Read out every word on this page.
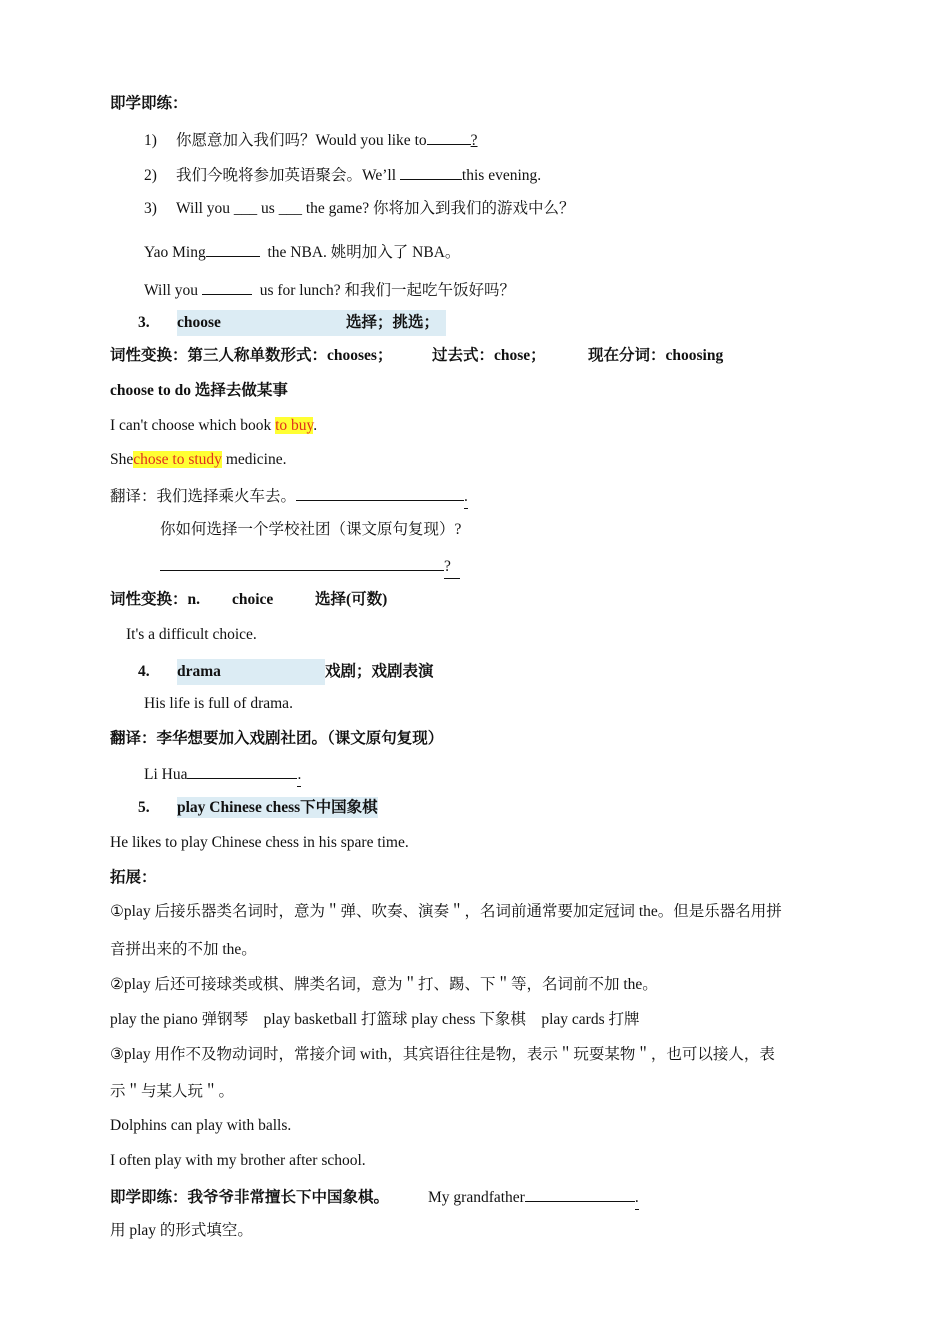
即学即练：
1) 你愿意加入我们吗？Would you like to	?
2) 我们今晚将参加英语聚会。We’ll	this evening.
3) Will you ___ us ___ the game? 你将加入到我们的游戏中么？
Yao Ming	the NBA. 姚明加入了 NBA。
Will you	us for lunch? 和我们一起吃午饭好吗？
3. choose	选择；挑选；
词性变换：第三人称单数形式：chooses；	过去式：chose；	现在分词：choosing
choose to do 选择去做某事
I can't choose which book to buy.
Shechose to study medicine.
翻译：我们选择乘火车去。	.
你如何选择一个学校社团（课文原句复现）?
?
词性变换：n. choice	选择(可数)
It's a difficult choice.
4. drama	戏剧；戏剧表演
His life is full of drama.
翻译：李华想要加入戏剧社团。（课文原句复现）
Li Hua	.
5. play Chinese chess下中国象棋
He likes to play Chinese chess in his spare time.
拓展：
①play 后接乐器类名词时，意为＂弹、吹奏、演奏＂，名词前通常要加定冠词 the。但是乐器名用拼
音拼出来的不加 the。
②play 后还可接球类或棋、牌类名词，意为＂打、踢、下＂等，名词前不加 the。
play the piano 弹钢琴    play basketball 打篮球 play chess 下象棋    play cards 打牌
③play 用作不及物动词时，常接介词 with，其宾语往往是物，表示＂玩耍某物＂，也可以接人，表
示＂与某人玩＂。
Dolphins can play with balls.
I often play with my brother after school.
即学即练：我爷爷非常擅长下中国象棋。	My grandfather	.
用 play 的形式填空。
